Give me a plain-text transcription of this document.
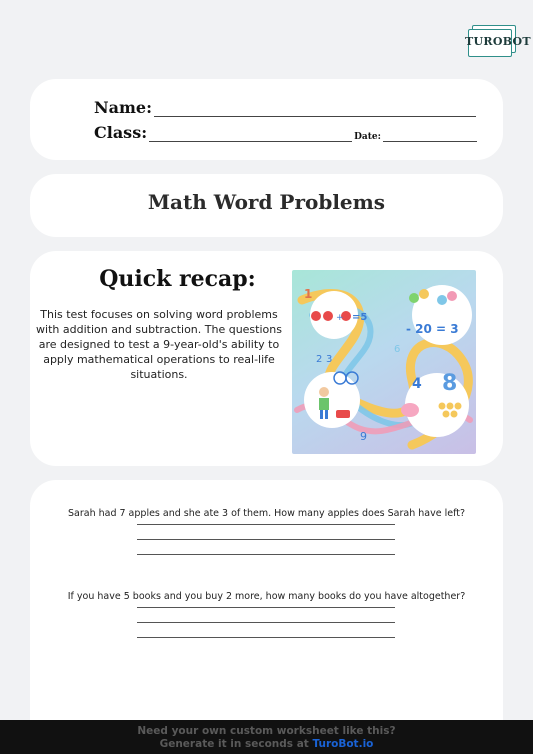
TUROBOT
Name:
Class:	Date:
Math Word Problems
Quick recap:
This test focuses on solving word problems with addition and subtraction. The questions are designed to test a 9-year-old's ability to apply mathematical operations to real-life situations.
+ =5
- 20 = 3
1
2 3
4
6
8
9
Sarah had 7 apples and she ate 3 of them. How many apples does Sarah have left?
If you have 5 books and you buy 2 more, how many books do you have altogether?
Need your own custom worksheet like this?
Generate it in seconds at TuroBot.io
